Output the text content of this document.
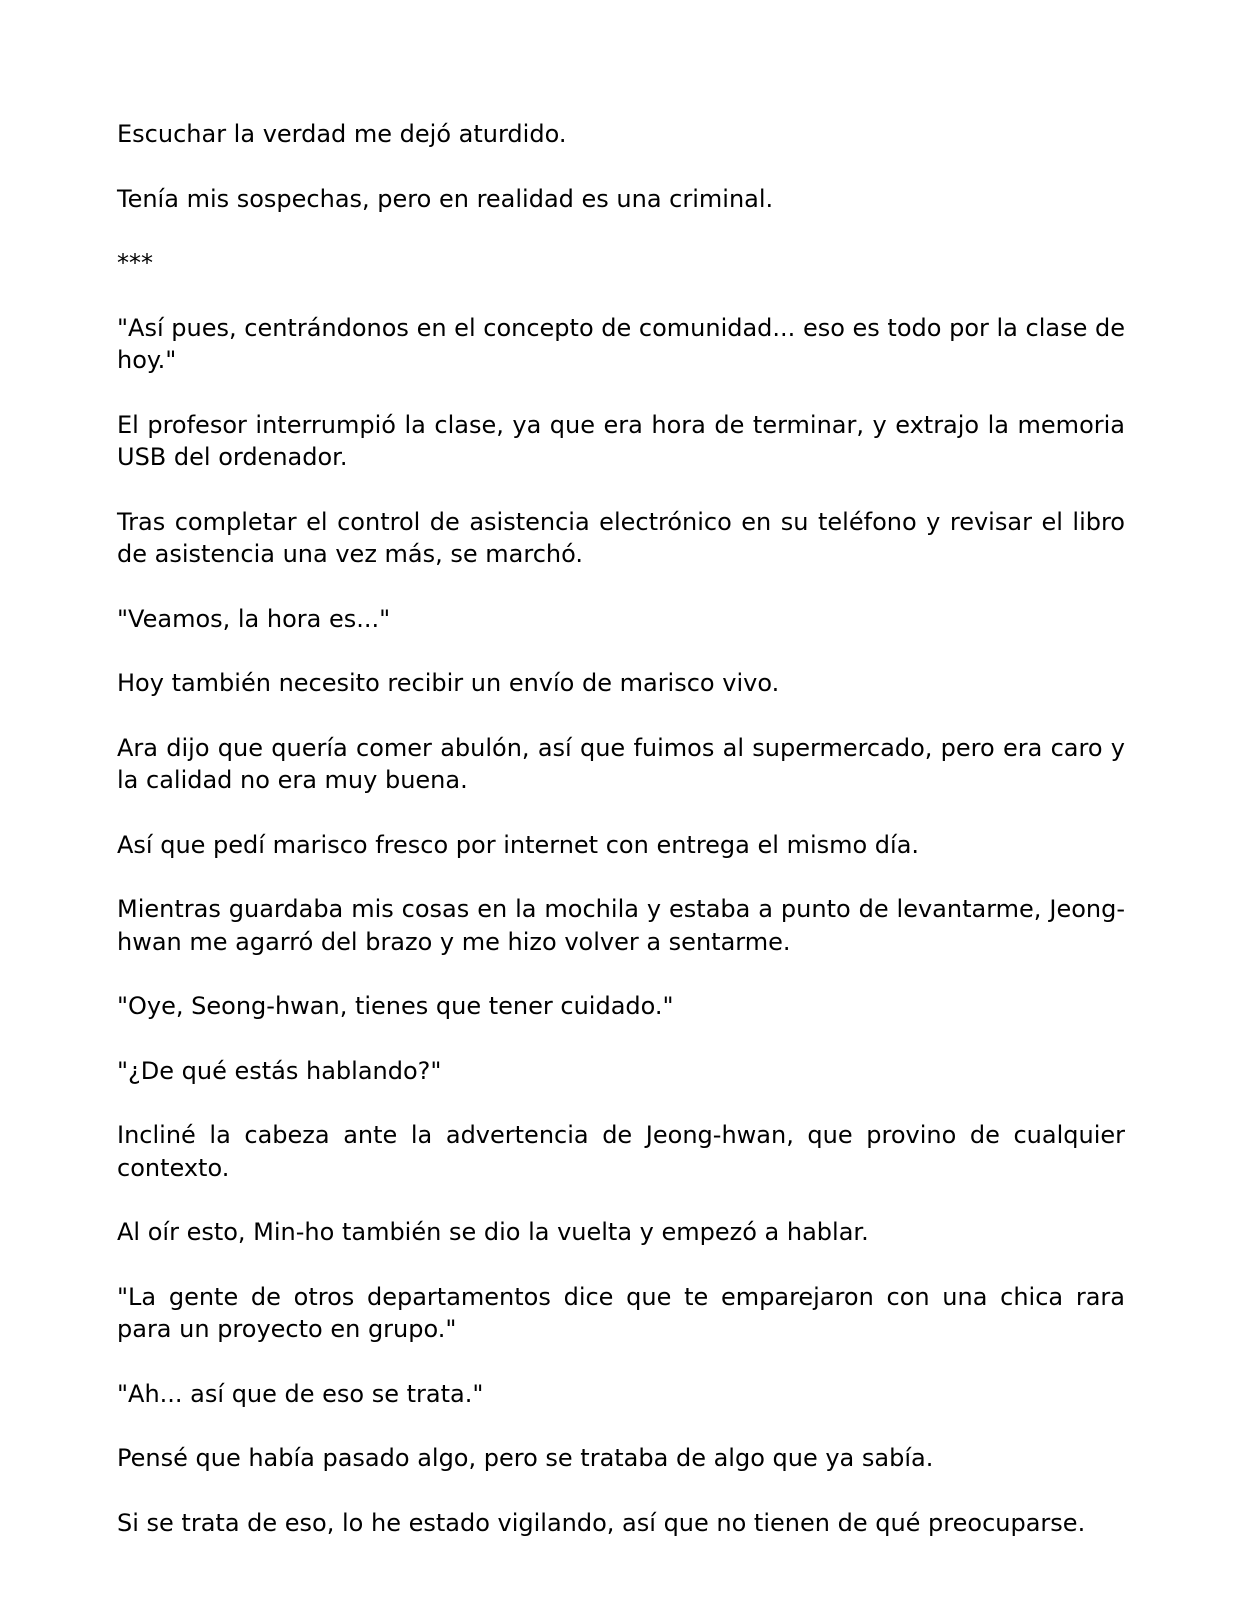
Escuchar la verdad me dejó aturdido.

Tenía mis sospechas, pero en realidad es una criminal.

***

"Así pues, centrándonos en el concepto de comunidad... eso es todo por la clase de hoy."

El profesor interrumpió la clase, ya que era hora de terminar, y extrajo la memoria USB del ordenador.

Tras completar el control de asistencia electrónico en su teléfono y revisar el libro de asistencia una vez más, se marchó.

"Veamos, la hora es..."

Hoy también necesito recibir un envío de marisco vivo.

Ara dijo que quería comer abulón, así que fuimos al supermercado, pero era caro y la calidad no era muy buena.

Así que pedí marisco fresco por internet con entrega el mismo día.

Mientras guardaba mis cosas en la mochila y estaba a punto de levantarme, Jeong-hwan me agarró del brazo y me hizo volver a sentarme.

"Oye, Seong-hwan, tienes que tener cuidado."

"¿De qué estás hablando?"

Incliné la cabeza ante la advertencia de Jeong-hwan, que provino de cualquier contexto.

Al oír esto, Min-ho también se dio la vuelta y empezó a hablar.

"La gente de otros departamentos dice que te emparejaron con una chica rara para un proyecto en grupo."

"Ah... así que de eso se trata."

Pensé que había pasado algo, pero se trataba de algo que ya sabía.

Si se trata de eso, lo he estado vigilando, así que no tienen de qué preocuparse.
